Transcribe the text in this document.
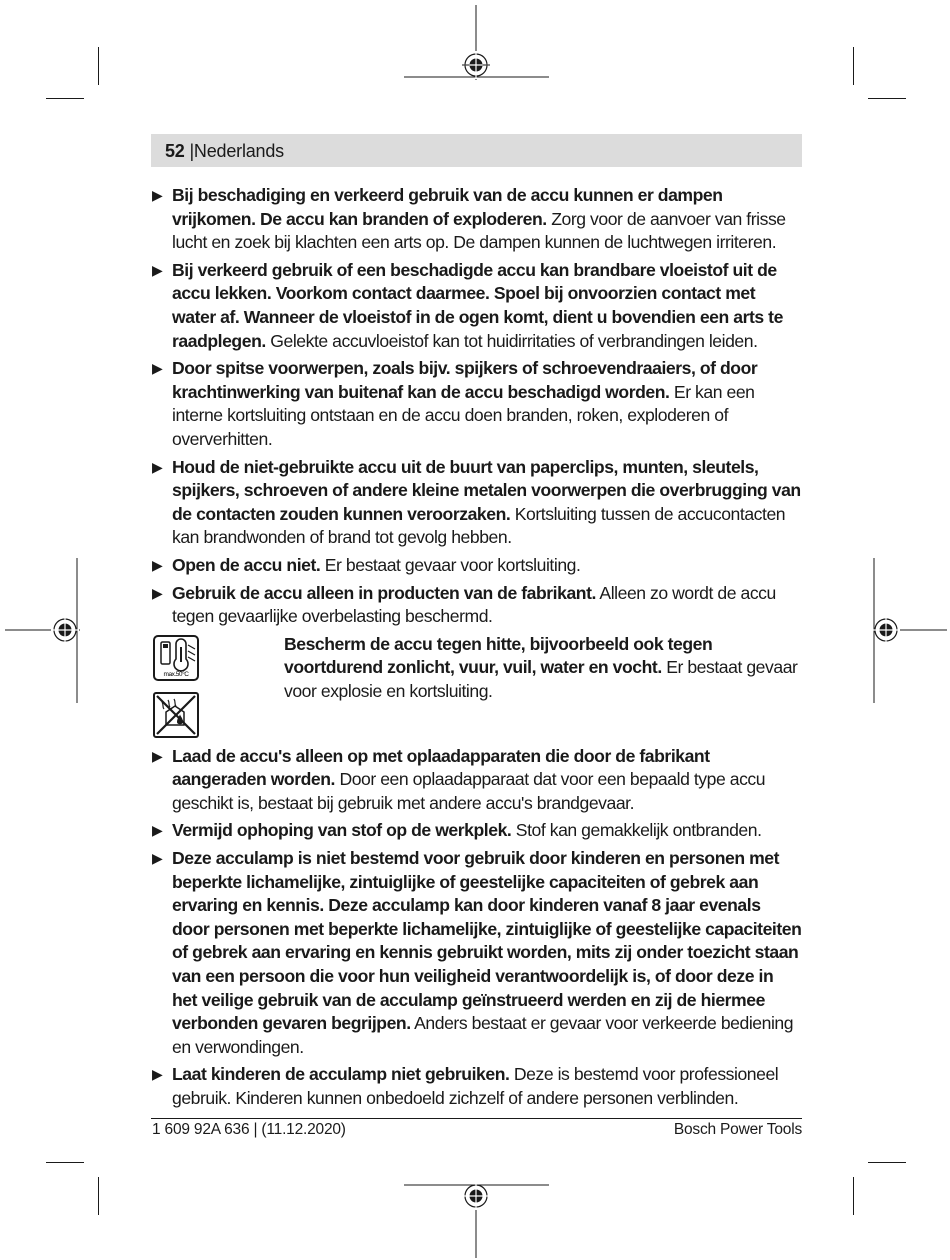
52 |Nederlands
▶ Bij beschadiging en verkeerd gebruik van de accu kunnen er dampen vrijkomen. De accu kan branden of exploderen. Zorg voor de aanvoer van frisse lucht en zoek bij klachten een arts op. De dampen kunnen de luchtwegen irriteren.
▶ Bij verkeerd gebruik of een beschadigde accu kan brandbare vloeistof uit de accu lekken. Voorkom contact daarmee. Spoel bij onvoorzien contact met water af. Wanneer de vloeistof in de ogen komt, dient u bovendien een arts te raadplegen. Gelekte accuvloeistof kan tot huidirritaties of verbrandingen leiden.
▶ Door spitse voorwerpen, zoals bijv. spijkers of schroevendraaiers, of door krachtinwerking van buitenaf kan de accu beschadigd worden. Er kan een interne kortsluiting ontstaan en de accu doen branden, roken, exploderen of oververhitten.
▶ Houd de niet-gebruikte accu uit de buurt van paperclips, munten, sleutels, spijkers, schroeven of andere kleine metalen voorwerpen die overbrugging van de contacten zouden kunnen veroorzaken. Kortsluiting tussen de accucontacten kan brandwonden of brand tot gevolg hebben.
▶ Open de accu niet. Er bestaat gevaar voor kortsluiting.
▶ Gebruik de accu alleen in producten van de fabrikant. Alleen zo wordt de accu tegen gevaarlijke overbelasting beschermd.
max.50°C

Bescherm de accu tegen hitte, bijvoorbeeld ook tegen voortdurend zonlicht, vuur, vuil, water en vocht. Er bestaat gevaar voor explosie en kortsluiting.
▶ Laad de accu's alleen op met oplaadapparaten die door de fabrikant aangeraden worden. Door een oplaadapparaat dat voor een bepaald type accu geschikt is, bestaat bij gebruik met andere accu's brandgevaar.
▶ Vermijd ophoping van stof op de werkplek. Stof kan gemakkelijk ontbranden.
▶ Deze acculamp is niet bestemd voor gebruik door kinderen en personen met beperkte lichamelijke, zintuiglijke of geestelijke capaciteiten of gebrek aan ervaring en kennis. Deze acculamp kan door kinderen vanaf 8 jaar evenals door personen met beperkte lichamelijke, zintuiglijke of geestelijke capaciteiten of gebrek aan ervaring en kennis gebruikt worden, mits zij onder toezicht staan van een persoon die voor hun veiligheid verantwoordelijk is, of door deze in het veilige gebruik van de acculamp geïnstrueerd werden en zij de hiermee verbonden gevaren begrijpen. Anders bestaat er gevaar voor verkeerde bediening en verwondingen.
▶ Laat kinderen de acculamp niet gebruiken. Deze is bestemd voor professioneel gebruik. Kinderen kunnen onbedoeld zichzelf of andere personen verblinden.
1 609 92A 636 | (11.12.2020)	Bosch Power Tools
